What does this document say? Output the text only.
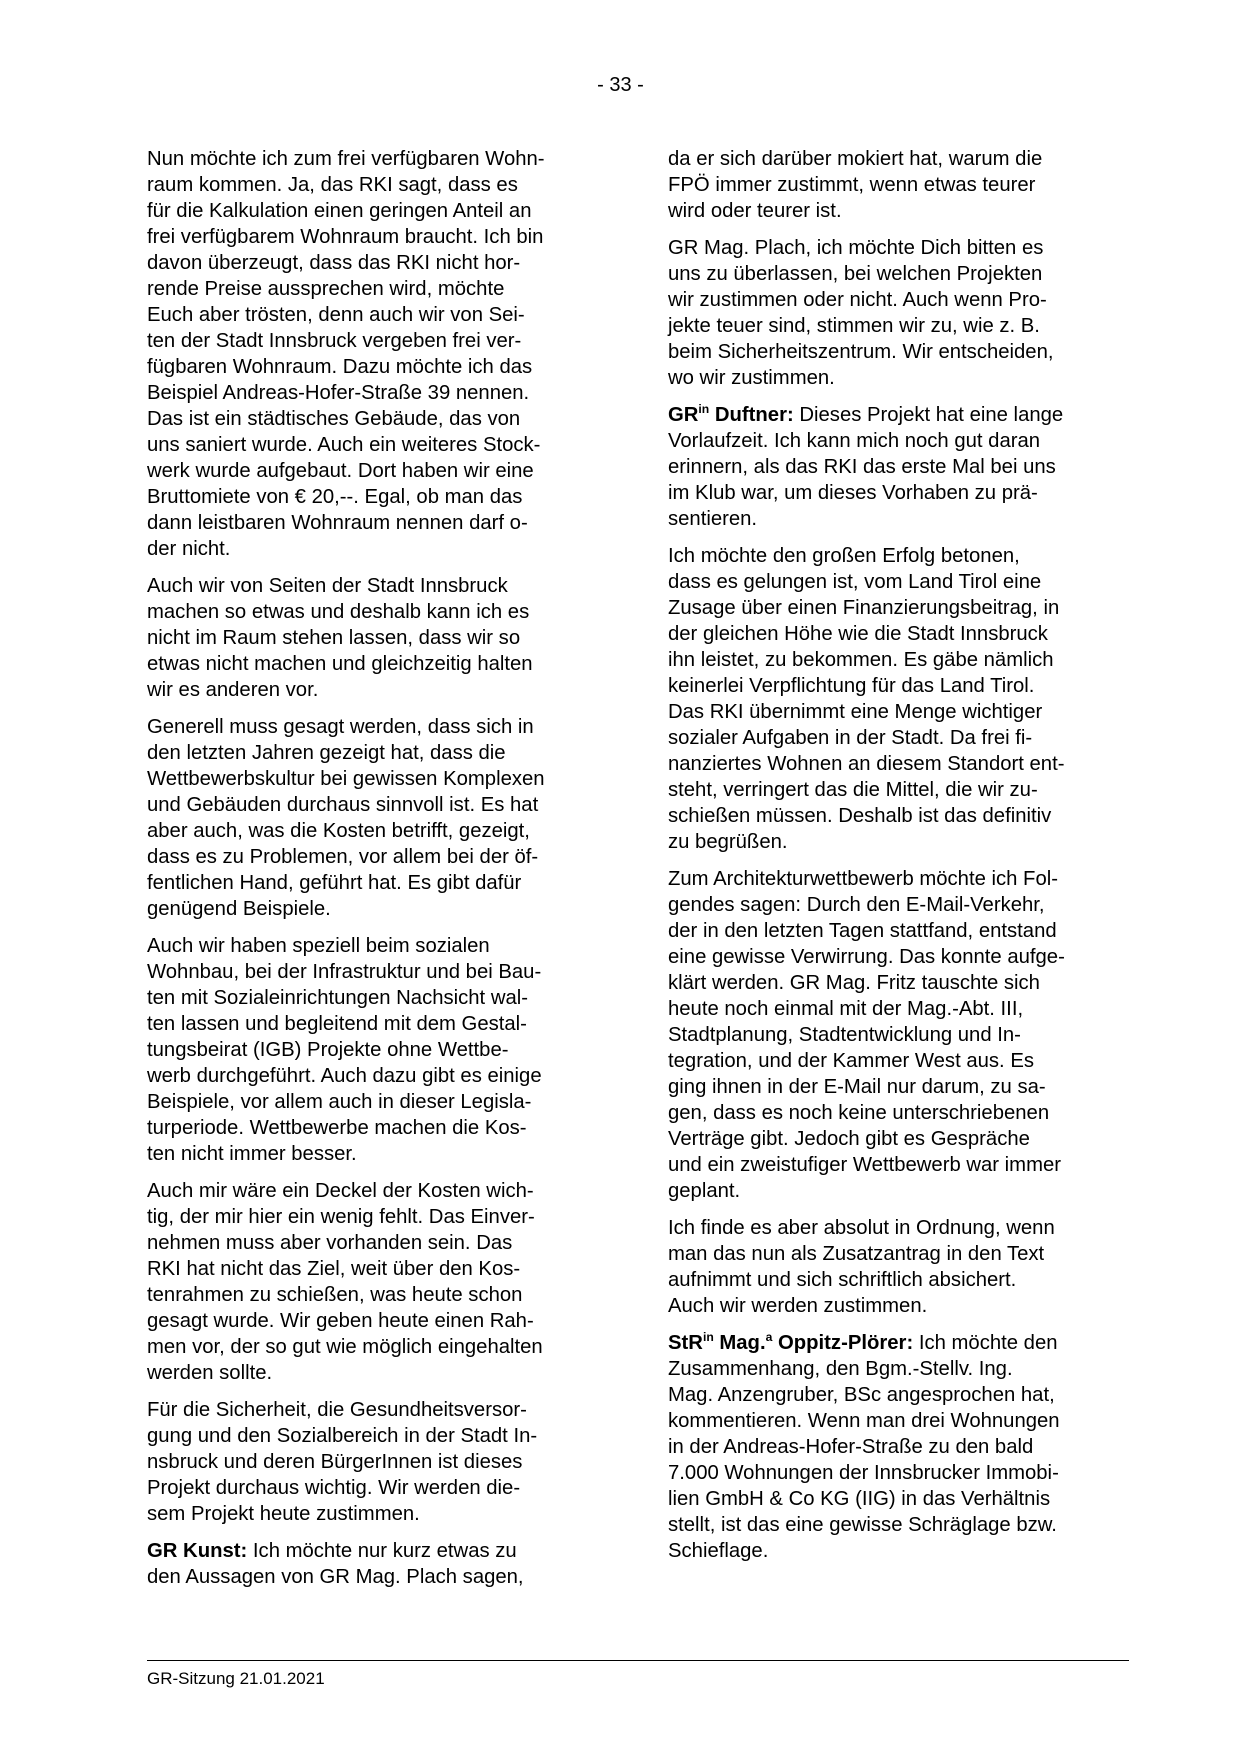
- 33 -
Nun möchte ich zum frei verfügbaren Wohn-
raum kommen. Ja, das RKI sagt, dass es
für die Kalkulation einen geringen Anteil an
frei verfügbarem Wohnraum braucht. Ich bin
davon überzeugt, dass das RKI nicht hor-
rende Preise aussprechen wird, möchte
Euch aber trösten, denn auch wir von Sei-
ten der Stadt Innsbruck vergeben frei ver-
fügbaren Wohnraum. Dazu möchte ich das
Beispiel Andreas-Hofer-Straße 39 nennen.
Das ist ein städtisches Gebäude, das von
uns saniert wurde. Auch ein weiteres Stock-
werk wurde aufgebaut. Dort haben wir eine
Bruttomiete von € 20,--. Egal, ob man das
dann leistbaren Wohnraum nennen darf o-
der nicht.
Auch wir von Seiten der Stadt Innsbruck
machen so etwas und deshalb kann ich es
nicht im Raum stehen lassen, dass wir so
etwas nicht machen und gleichzeitig halten
wir es anderen vor.
Generell muss gesagt werden, dass sich in
den letzten Jahren gezeigt hat, dass die
Wettbewerbskultur bei gewissen Komplexen
und Gebäuden durchaus sinnvoll ist. Es hat
aber auch, was die Kosten betrifft, gezeigt,
dass es zu Problemen, vor allem bei der öf-
fentlichen Hand, geführt hat. Es gibt dafür
genügend Beispiele.
Auch wir haben speziell beim sozialen
Wohnbau, bei der Infrastruktur und bei Bau-
ten mit Sozialeinrichtungen Nachsicht wal-
ten lassen und begleitend mit dem Gestal-
tungsbeirat (IGB) Projekte ohne Wettbe-
werb durchgeführt. Auch dazu gibt es einige
Beispiele, vor allem auch in dieser Legisla-
turperiode. Wettbewerbe machen die Kos-
ten nicht immer besser.
Auch mir wäre ein Deckel der Kosten wich-
tig, der mir hier ein wenig fehlt. Das Einver-
nehmen muss aber vorhanden sein. Das
RKI hat nicht das Ziel, weit über den Kos-
tenrahmen zu schießen, was heute schon
gesagt wurde. Wir geben heute einen Rah-
men vor, der so gut wie möglich eingehalten
werden sollte.
Für die Sicherheit, die Gesundheitsversor-
gung und den Sozialbereich in der Stadt In-
nsbruck und deren BürgerInnen ist dieses
Projekt durchaus wichtig. Wir werden die-
sem Projekt heute zustimmen.
GR Kunst: Ich möchte nur kurz etwas zu
den Aussagen von GR Mag. Plach sagen,
da er sich darüber mokiert hat, warum die
FPÖ immer zustimmt, wenn etwas teurer
wird oder teurer ist.
GR Mag. Plach, ich möchte Dich bitten es
uns zu überlassen, bei welchen Projekten
wir zustimmen oder nicht. Auch wenn Pro-
jekte teuer sind, stimmen wir zu, wie z. B.
beim Sicherheitszentrum. Wir entscheiden,
wo wir zustimmen.
$GR^{in}$ Duftner: Dieses Projekt hat eine lange
Vorlaufzeit. Ich kann mich noch gut daran
erinnern, als das RKI das erste Mal bei uns
im Klub war, um dieses Vorhaben zu prä-
sentieren.
Ich möchte den großen Erfolg betonen,
dass es gelungen ist, vom Land Tirol eine
Zusage über einen Finanzierungsbeitrag, in
der gleichen Höhe wie die Stadt Innsbruck
ihn leistet, zu bekommen. Es gäbe nämlich
keinerlei Verpflichtung für das Land Tirol.
Das RKI übernimmt eine Menge wichtiger
sozialer Aufgaben in der Stadt. Da frei fi-
nanziertes Wohnen an diesem Standort ent-
steht, verringert das die Mittel, die wir zu-
schießen müssen. Deshalb ist das definitiv
zu begrüßen.
Zum Architekturwettbewerb möchte ich Fol-
gendes sagen: Durch den E-Mail-Verkehr,
der in den letzten Tagen stattfand, entstand
eine gewisse Verwirrung. Das konnte aufge-
klärt werden. GR Mag. Fritz tauschte sich
heute noch einmal mit der Mag.-Abt. III,
Stadtplanung, Stadtentwicklung und In-
tegration, und der Kammer West aus. Es
ging ihnen in der E-Mail nur darum, zu sa-
gen, dass es noch keine unterschriebenen
Verträge gibt. Jedoch gibt es Gespräche
und ein zweistufiger Wettbewerb war immer
geplant.
Ich finde es aber absolut in Ordnung, wenn
man das nun als Zusatzantrag in den Text
aufnimmt und sich schriftlich absichert.
Auch wir werden zustimmen.
StR$^{in}$ Mag.$^a$ Oppitz-Plörer: Ich möchte den
Zusammenhang, den Bgm.-Stellv. Ing.
Mag. Anzengruber, BSc angesprochen hat,
kommentieren. Wenn man drei Wohnungen
in der Andreas-Hofer-Straße zu den bald
7.000 Wohnungen der Innsbrucker Immobi-
lien GmbH & Co KG (IIG) in das Verhältnis
stellt, ist das eine gewisse Schräglage bzw.
Schieflage.
GR-Sitzung 21.01.2021
